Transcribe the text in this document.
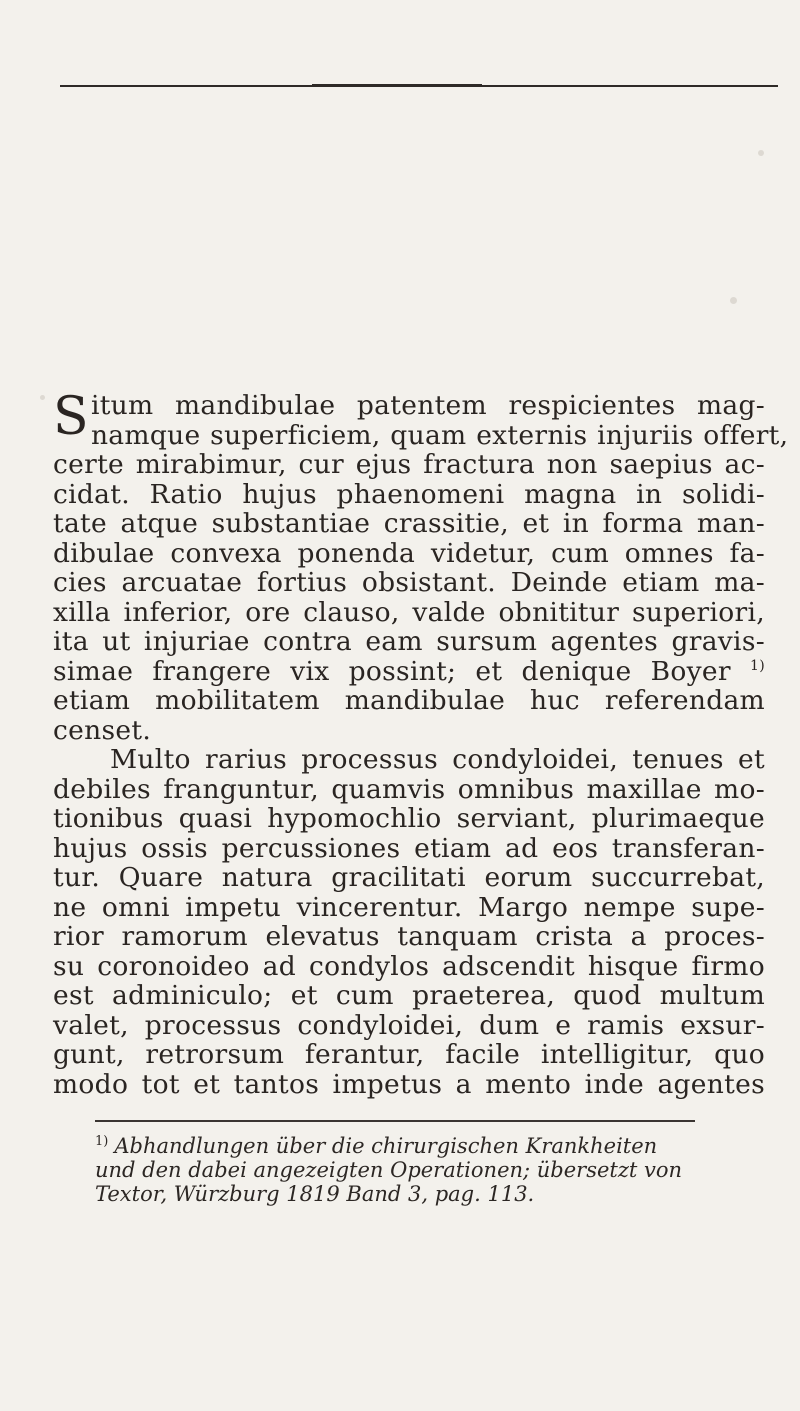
S itum mandibulae patentem respicientes mag-
namque superficiem, quam externis injuriis offert,
certe mirabimur, cur ejus fractura non saepius ac-
cidat. Ratio hujus phaenomeni magna in solidi-
tate atque substantiae crassitie, et in forma man-
dibulae convexa ponenda videtur, cum omnes fa-
cies arcuatae fortius obsistant. Deinde etiam ma-
xilla inferior, ore clauso, valde obnititur superiori,
ita ut injuriae contra eam sursum agentes gravis-
simae frangere vix possint; et denique Boyer $^{1)}$
etiam mobilitatem mandibulae huc referendam
censet.
Multo rarius processus condyloidei, tenues et
debiles franguntur, quamvis omnibus maxillae mo-
tionibus quasi hypomochlio serviant, plurimaeque
hujus ossis percussiones etiam ad eos transferan-
tur. Quare natura gracilitati eorum succurrebat,
ne omni impetu vincerentur. Margo nempe supe-
rior ramorum elevatus tanquam crista a proces-
su coronoideo ad condylos adscendit hisque firmo
est adminiculo; et cum praeterea, quod multum
valet, processus condyloidei, dum e ramis exsur-
gunt, retrorsum ferantur, facile intelligitur, quo
modo tot et tantos impetus a mento inde agentes
$^{1)}$ Abhandlungen über die chirurgischen Krankheiten
und den dabei angezeigten Operationen; übersetzt von
Textor, Würzburg 1819 Band 3, pag. 113.
